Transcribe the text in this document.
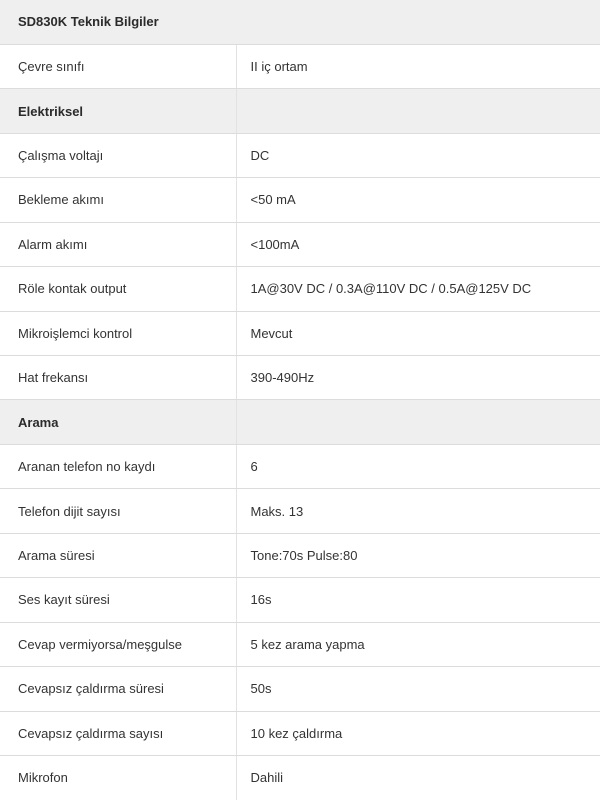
SD830K Teknik Bilgiler	
Çevre sınıfı	II iç ortam
Elektriksel	
Çalışma voltajı	DC
Bekleme akımı	<50 mA
Alarm akımı	<100mA
Röle kontak output	1A@30V DC / 0.3A@110V DC / 0.5A@125V DC
Mikroişlemci kontrol	Mevcut
Hat frekansı	390-490Hz
Arama	
Aranan telefon no kaydı	6
Telefon dijit sayısı	Maks. 13
Arama süresi	Tone:70s Pulse:80
Ses kayıt süresi	16s
Cevap vermiyorsa/meşgulse	5 kez arama yapma
Cevapsız çaldırma süresi	50s
Cevapsız çaldırma sayısı	10 kez çaldırma
Mikrofon	Dahili
